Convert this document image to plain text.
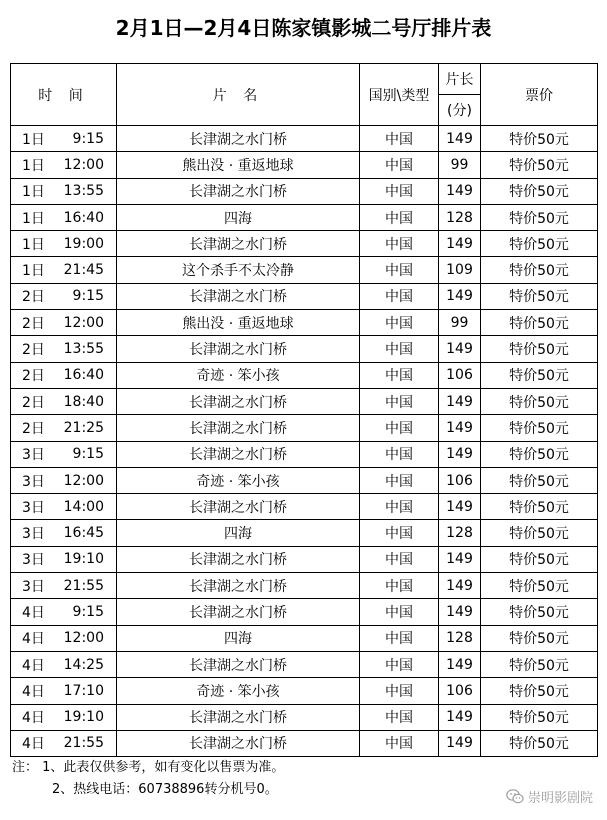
2月1日—2月4日陈家镇影城二号厅排片表
时 间	片 名	国别\类型	片长	票价
			(分)	

1日 9:15	长津湖之水门桥	中国	149	特价50元

1日 12:00	熊出没 · 重返地球	中国	99	特价50元

1日 13:55	长津湖之水门桥	中国	149	特价50元

1日 16:40	四海	中国	128	特价50元

1日 19:00	长津湖之水门桥	中国	149	特价50元

1日 21:45	这个杀手不太冷静	中国	109	特价50元

2日 9:15	长津湖之水门桥	中国	149	特价50元

2日 12:00	熊出没 · 重返地球	中国	99	特价50元

2日 13:55	长津湖之水门桥	中国	149	特价50元

2日 16:40	奇迹 · 笨小孩	中国	106	特价50元

2日 18:40	长津湖之水门桥	中国	149	特价50元

2日 21:25	长津湖之水门桥	中国	149	特价50元

3日 9:15	长津湖之水门桥	中国	149	特价50元

3日 12:00	奇迹 · 笨小孩	中国	106	特价50元

3日 14:00	长津湖之水门桥	中国	149	特价50元

3日 16:45	四海	中国	128	特价50元

3日 19:10	长津湖之水门桥	中国	149	特价50元

3日 21:55	长津湖之水门桥	中国	149	特价50元

4日 9:15	长津湖之水门桥	中国	149	特价50元

4日 12:00	四海	中国	128	特价50元

4日 14:25	长津湖之水门桥	中国	149	特价50元

4日 17:10	奇迹 · 笨小孩	中国	106	特价50元

4日 19:10	长津湖之水门桥	中国	149	特价50元

4日 21:55	长津湖之水门桥	中国	149	特价50元
注： 1、此表仅供参考，如有变化以售票为准。
2、热线电话：60738896转分机号0。
崇明影剧院
